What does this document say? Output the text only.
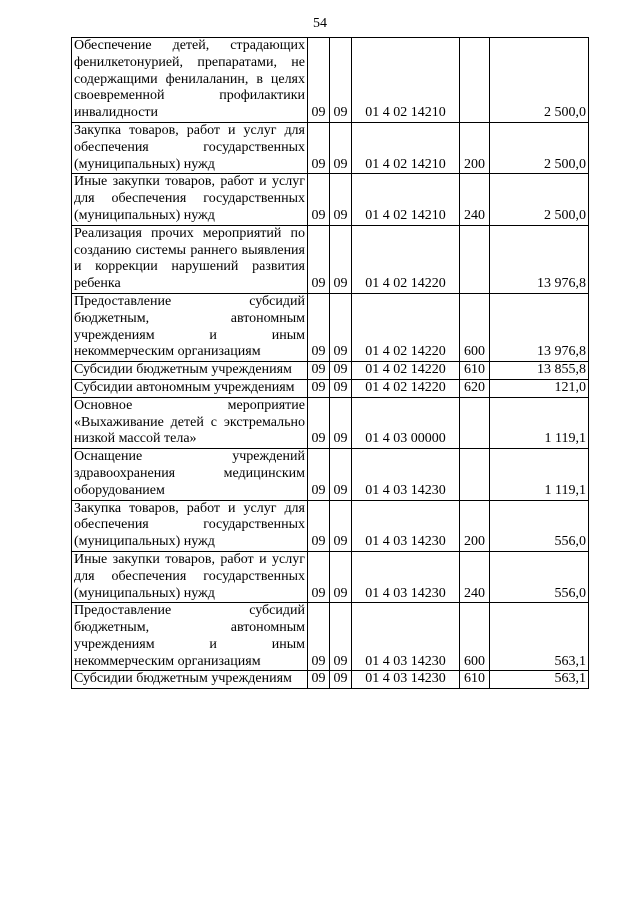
54
Обеспечение детей, страдающих фенилкетонурией, препаратами, не содержащими фенилаланин, в целях своевременной профилактики инвалидности	09	09	01 4 02 14210		2 500,0
Закупка товаров, работ и услуг для обеспечения государственных (муниципальных) нужд	09	09	01 4 02 14210	200	2 500,0
Иные закупки товаров, работ и услуг для обеспечения государственных (муниципальных) нужд	09	09	01 4 02 14210	240	2 500,0
Реализация прочих мероприятий по созданию системы раннего выявления и коррекции нарушений развития ребенка	09	09	01 4 02 14220		13 976,8
Предоставление субсидий бюджетным, автономным учреждениям и иным некоммерческим организациям	09	09	01 4 02 14220	600	13 976,8
Субсидии бюджетным учреждениям	09	09	01 4 02 14220	610	13 855,8
Субсидии автономным учреждениям	09	09	01 4 02 14220	620	121,0
Основное мероприятие «Выхаживание детей с экстремально низкой массой тела»	09	09	01 4 03 00000		1 119,1
Оснащение учреждений здравоохранения медицинским оборудованием	09	09	01 4 03 14230		1 119,1
Закупка товаров, работ и услуг для обеспечения государственных (муниципальных) нужд	09	09	01 4 03 14230	200	556,0
Иные закупки товаров, работ и услуг для обеспечения государственных (муниципальных) нужд	09	09	01 4 03 14230	240	556,0
Предоставление субсидий бюджетным, автономным учреждениям и иным некоммерческим организациям	09	09	01 4 03 14230	600	563,1
Субсидии бюджетным учреждениям	09	09	01 4 03 14230	610	563,1
